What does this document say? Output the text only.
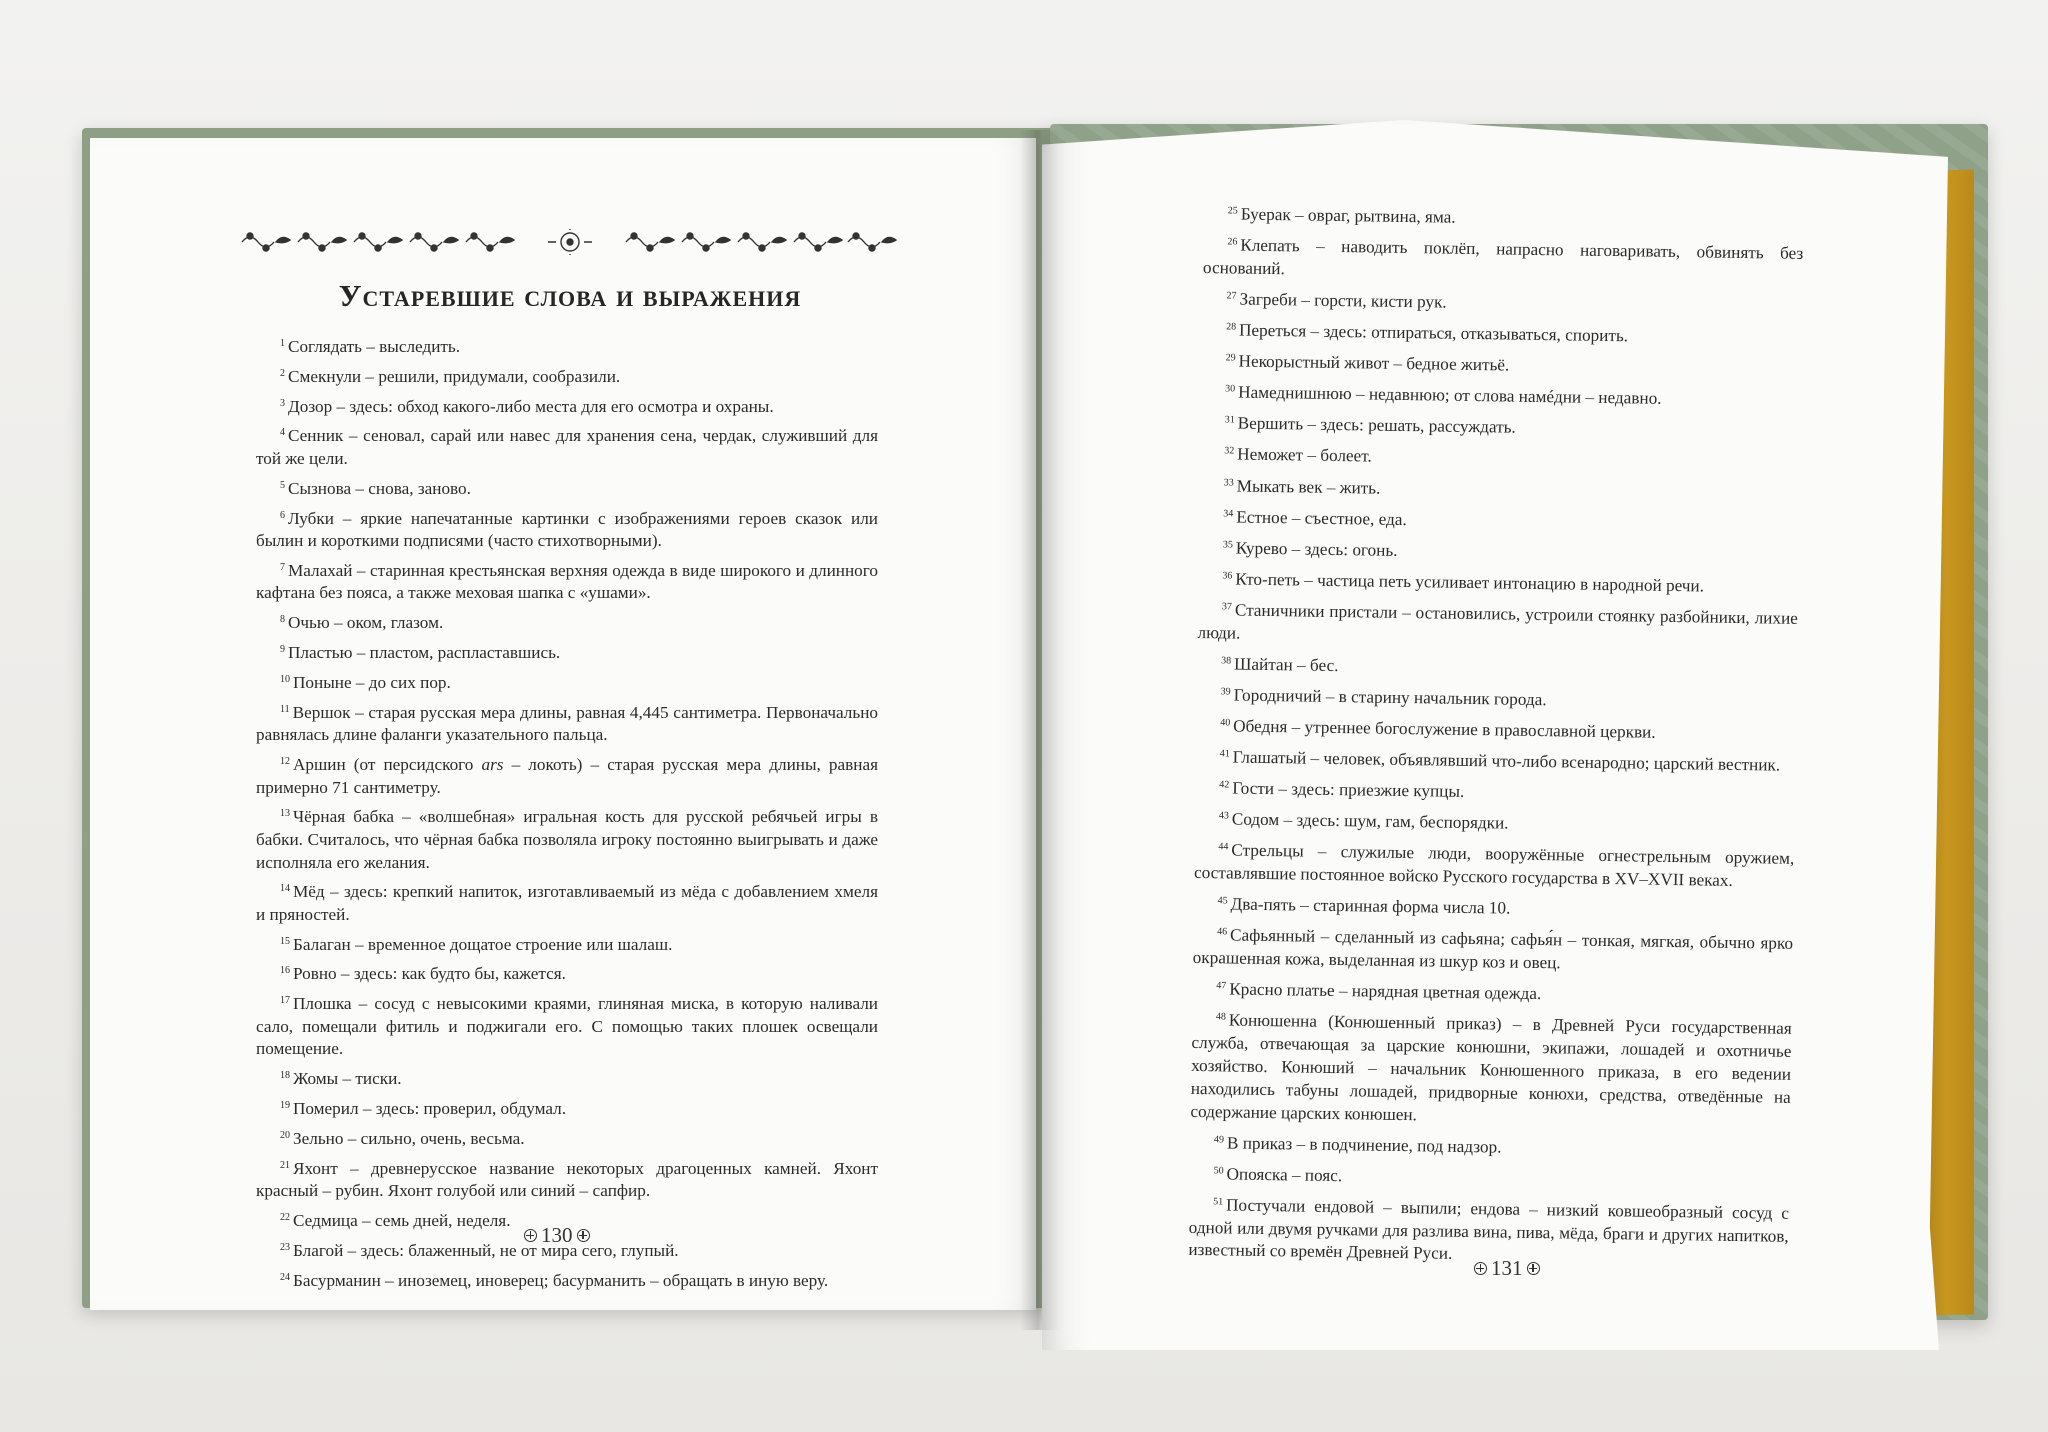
Устаревшие слова и выражения

$^1$ Соглядать – выследить.

$^2$ Смекнули – решили, придумали, сообразили.

$^3$ Дозор – здесь: обход какого-либо места для его осмотра и охраны.

$^4$ Сенник – сеновал, сарай или навес для хранения сена, чердак, служивший для той же цели.

$^5$ Сызнова – снова, заново.

$^6$ Лубки – яркие напечатанные картинки с изображениями героев сказок или былин и короткими подписями (часто стихотворными).

$^7$ Малахай – старинная крестьянская верхняя одежда в виде широкого и длинного кафтана без пояса, а также меховая шапка с «ушами».

$^8$ Очью – оком, глазом.

$^9$ Пластью – пластом, распластавшись.

$^{10}$ Поныне – до сих пор.

$^{11}$ Вершок – старая русская мера длины, равная 4,445 сантиметра. Первоначально равнялась длине фаланги указательного пальца.

$^{12}$ Аршин (от персидского ars – локоть) – старая русская мера длины, равная примерно 71 сантиметру.

$^{13}$ Чёрная бабка – «волшебная» игральная кость для русской ребячьей игры в бабки. Считалось, что чёрная бабка позволяла игроку постоянно выигрывать и даже исполняла его желания.

$^{14}$ Мёд – здесь: крепкий напиток, изготавливаемый из мёда с добавлением хмеля и пряностей.

$^{15}$ Балаган – временное дощатое строение или шалаш.

$^{16}$ Ровно – здесь: как будто бы, кажется.

$^{17}$ Плошка – сосуд с невысокими краями, глиняная миска, в которую наливали сало, помещали фитиль и поджигали его. С помощью таких плошек освещали помещение.

$^{18}$ Жомы – тиски.

$^{19}$ Померил – здесь: проверил, обдумал.

$^{20}$ Зельно – сильно, очень, весьма.

$^{21}$ Яхонт – древнерусское название некоторых драгоценных камней. Яхонт красный – рубин. Яхонт голубой или синий – сапфир.

$^{22}$ Седмица – семь дней, неделя.

$^{23}$ Благой – здесь: блаженный, не от мира сего, глупый.

$^{24}$ Басурманин – иноземец, иноверец; басурманить – обращать в иную веру.

130

$^{25}$ Буерак – овраг, рытвина, яма.

$^{26}$ Клепать – наводить поклёп, напрасно наговаривать, обвинять без оснований.

$^{27}$ Загреби – горсти, кисти рук.

$^{28}$ Переться – здесь: отпираться, отказываться, спорить.

$^{29}$ Некорыстный живот – бедное житьё.

$^{30}$ Намеднишнюю – недавнюю; от слова намéдни – недавно.

$^{31}$ Вершить – здесь: решать, рассуждать.

$^{32}$ Неможет – болеет.

$^{33}$ Мыкать век – жить.

$^{34}$ Естное – съестное, еда.

$^{35}$ Курево – здесь: огонь.

$^{36}$ Кто-петь – частица петь усиливает интонацию в народной речи.

$^{37}$ Станичники пристали – остановились, устроили стоянку разбойники, лихие люди.

$^{38}$ Шайтан – бес.

$^{39}$ Городничий – в старину начальник города.

$^{40}$ Обедня – утреннее богослужение в православной церкви.

$^{41}$ Глашатый – человек, объявлявший что-либо всенародно; царский вестник.

$^{42}$ Гости – здесь: приезжие купцы.

$^{43}$ Содом – здесь: шум, гам, беспорядки.

$^{44}$ Стрельцы – служилые люди, вооружённые огнестрельным оружием, составлявшие постоянное войско Русского государства в XV–XVII веках.

$^{45}$ Два-пять – старинная форма числа 10.

$^{46}$ Сафьянный – сделанный из сафьяна; сафья́н – тонкая, мягкая, обычно ярко окрашенная кожа, выделанная из шкур коз и овец.

$^{47}$ Красно платье – нарядная цветная одежда.

$^{48}$ Конюшенна (Конюшенный приказ) – в Древней Руси государственная служба, отвечающая за царские конюшни, экипажи, лошадей и охотничье хозяйство. Конюший – начальник Конюшенного приказа, в его ведении находились табуны лошадей, придворные конюхи, средства, отведённые на содержание царских конюшен.

$^{49}$ В приказ – в подчинение, под надзор.

$^{50}$ Опояска – пояс.

$^{51}$ Постучали ендовой – выпили; ендова – низкий ковшеобразный сосуд с одной или двумя ручками для разлива вина, пива, мёда, браги и других напитков, известный со времён Древней Руси.

131
